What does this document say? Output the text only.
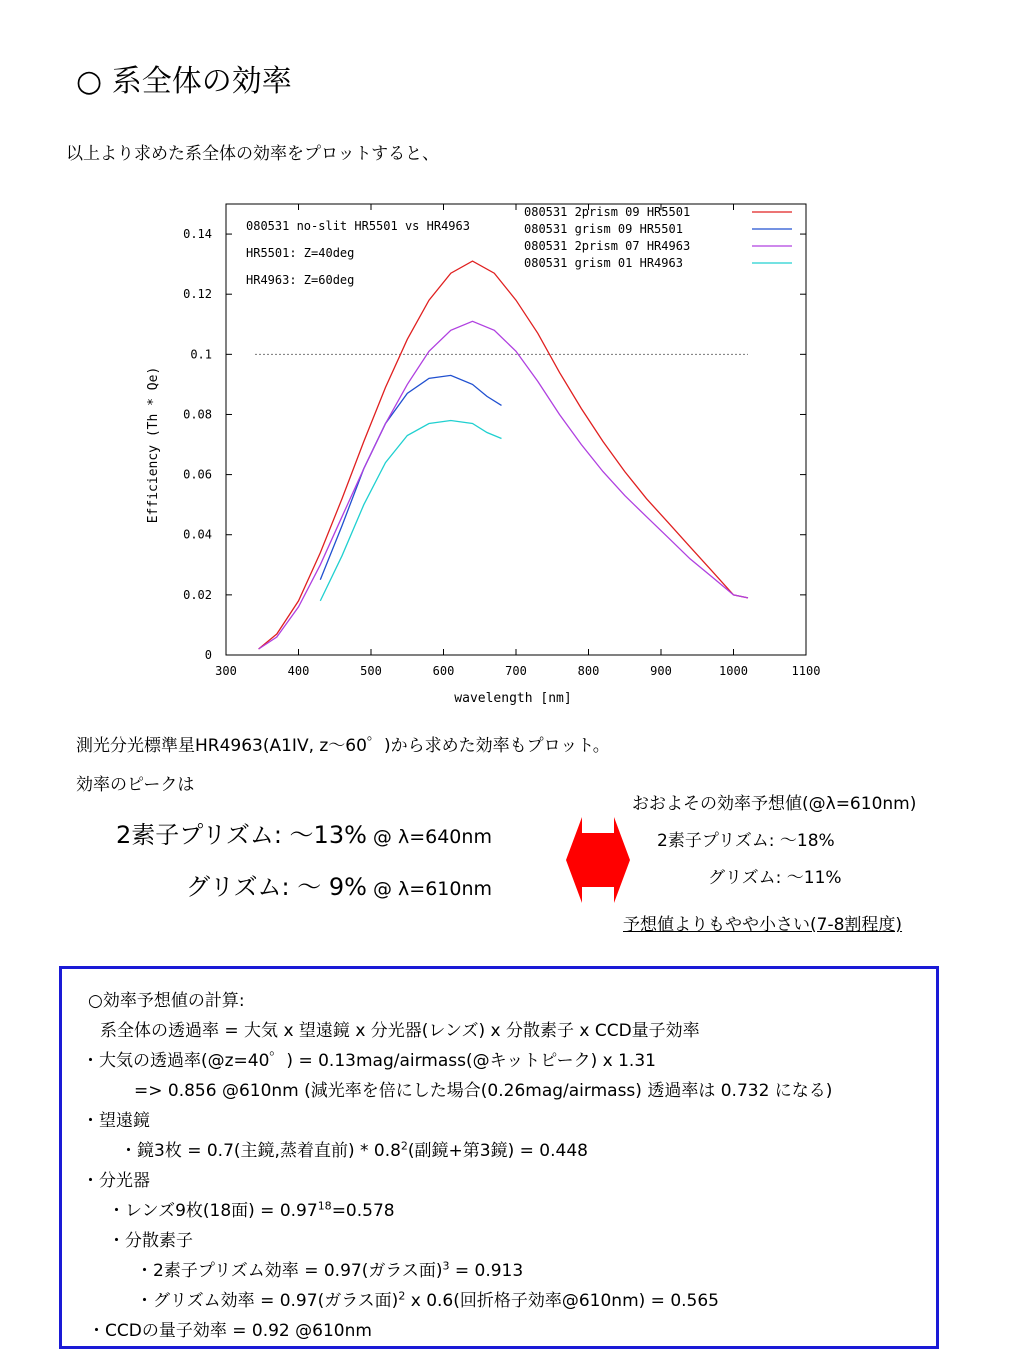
○ 系全体の効率
以上より求めた系全体の効率をプロットすると、
300	400	500	600	700	800	900	1000	1100
0
0.02
0.04
0.06
0.08
0.1
0.12
0.14
080531 2prism 09 HR5501
080531 grism 09 HR5501
080531 2prism 07 HR4963
080531 grism 01 HR4963
080531 no-slit HR5501 vs HR4963
HR5501: Z=40deg
HR4963: Z=60deg
wavelength [nm]
Efficiency (Th * Qe)
測光分光標準星HR4963(A1IV, z～60゜)から求めた効率もプロット。
効率のピークは
2素子プリズム: ～13% @ λ=640nm
グリズム: ～ 9% @ λ=610nm
おおよその効率予想値(@λ=610nm)
2素子プリズム: ～18%
グリズム: ～11%
予想値よりもやや小さい(7-8割程度)
○効率予想値の計算:
系全体の透過率 = 大気 x 望遠鏡 x 分光器(レンズ) x 分散素子 x CCD量子効率
・大気の透過率(@z=40゜) = 0.13mag/airmass(@キットピーク) x 1.31
=> 0.856 @610nm (減光率を倍にした場合(0.26mag/airmass) 透過率は 0.732 になる)
・望遠鏡
・鏡3枚 = 0.7(主鏡,蒸着直前) * $0.8^2$(副鏡+第3鏡) = 0.448
・分光器
・レンズ9枚(18面) = $0.97^{18}=0.578$
・分散素子
・2素子プリズム効率 = 0.97(ガラス面)$^3$ = 0.913
・グリズム効率 = 0.97(ガラス面)$^2$ x 0.6(回折格子効率@610nm) = 0.565
・CCDの量子効率 = 0.92 @610nm
